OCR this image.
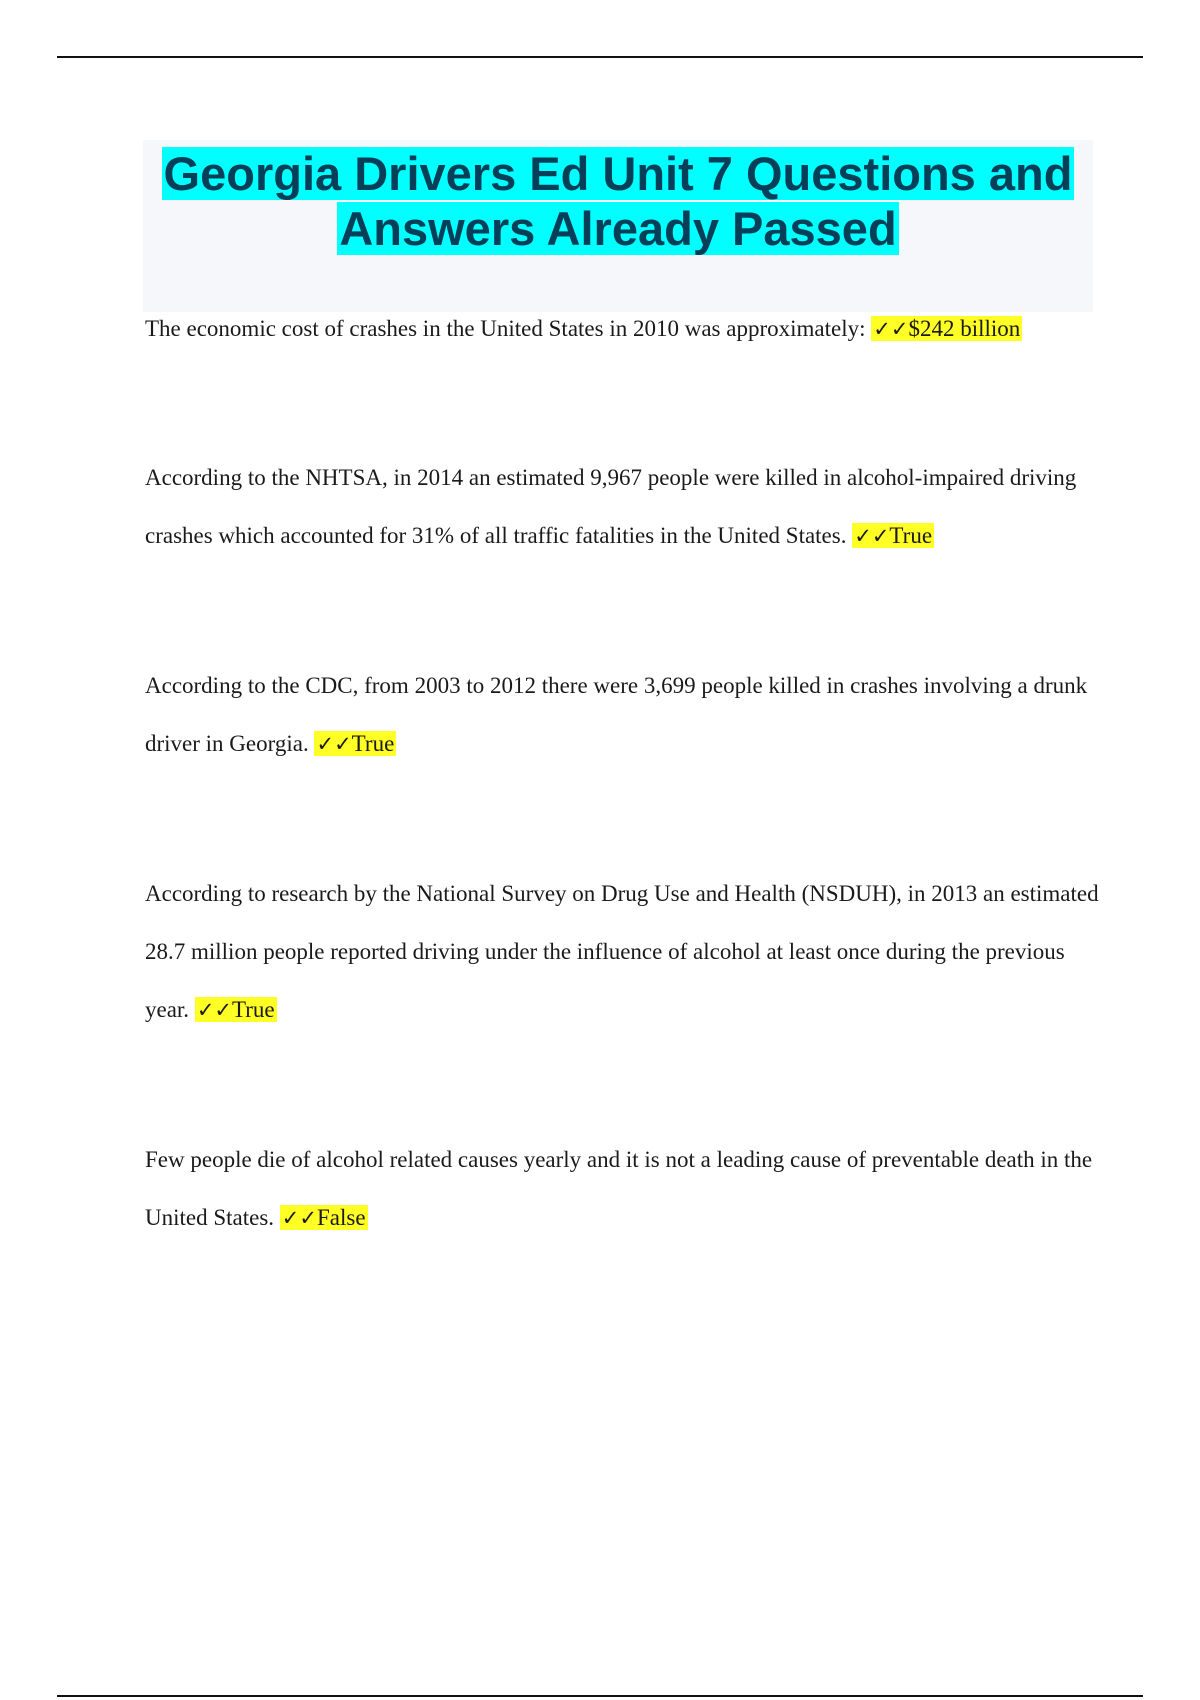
Georgia Drivers Ed Unit 7 Questions and
Answers Already Passed

The economic cost of crashes in the United States in 2010 was approximately: ✓✓$242 billion

According to the NHTSA, in 2014 an estimated 9,967 people were killed in alcohol-impaired driving crashes which accounted for 31% of all traffic fatalities in the United States. ✓✓True

According to the CDC, from 2003 to 2012 there were 3,699 people killed in crashes involving a drunk driver in Georgia. ✓✓True

According to research by the National Survey on Drug Use and Health (NSDUH), in 2013 an estimated 28.7 million people reported driving under the influence of alcohol at least once during the previous year. ✓✓True

Few people die of alcohol related causes yearly and it is not a leading cause of preventable death in the United States. ✓✓False
